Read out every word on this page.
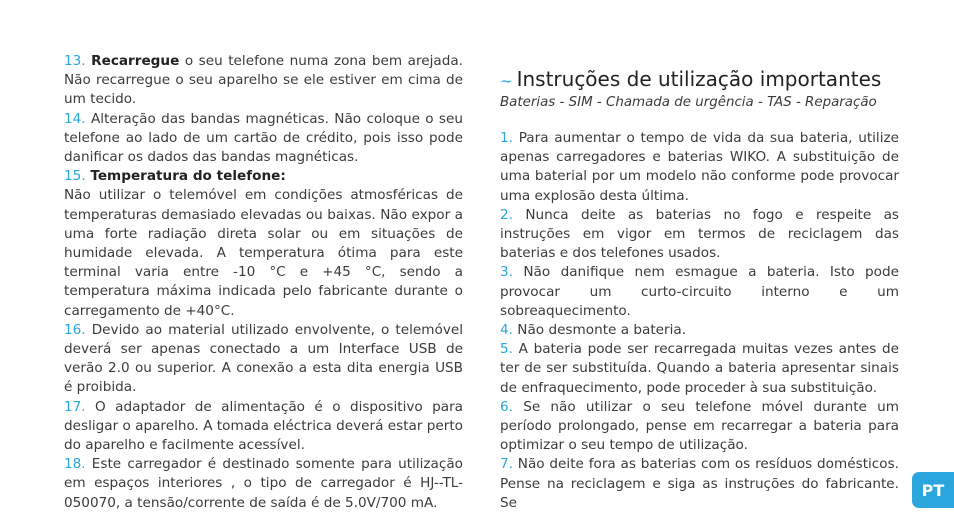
13. Recarregue o seu telefone numa zona bem arejada. Não recarregue o seu aparelho se ele estiver em cima de um tecido.

14. Alteração das bandas magnéticas. Não coloque o seu telefone ao lado de um cartão de crédito, pois isso pode danificar os dados das bandas magnéticas.

15. Temperatura do telefone:

Não utilizar o telemóvel em condições atmosféricas de temperaturas demasiado elevadas ou baixas. Não expor a uma forte radiação direta solar ou em situações de humidade elevada. A temperatura ótima para este terminal varia entre -10 °C e +45 °C, sendo a temperatura máxima indicada pelo fabricante durante o carregamento de +40°C.

16. Devido ao material utilizado envolvente, o telemóvel deverá ser apenas conectado a um Interface USB de verão 2.0 ou superior. A conexão a esta dita energia USB é proibida.

17. O adaptador de alimentação é o dispositivo para desligar o aparelho. A tomada eléctrica deverá estar perto do aparelho e facilmente acessível.

18. Este carregador é destinado somente para utilização em espaços interiores , o tipo de carregador é HJ--TL-050070, a tensão/corrente de saída é de 5.0V/700 mA.

~ Instruções de utilização importantes
Baterias - SIM - Chamada de urgência - TAS - Reparação

1. Para aumentar o tempo de vida da sua bateria, utilize apenas carregadores e baterias WIKO. A substituição de uma baterial por um modelo não conforme pode provocar uma explosão desta última.

2. Nunca deite as baterias no fogo e respeite as instruções em vigor em termos de reciclagem das baterias e dos telefones usados.

3. Não danifique nem esmague a bateria. Isto pode provocar um curto-circuito interno e um sobreaquecimento.

4. Não desmonte a bateria.

5. A bateria pode ser recarregada muitas vezes antes de ter de ser substituída. Quando a bateria apresentar sinais de enfraquecimento, pode proceder à sua substituição.

6. Se não utilizar o seu telefone móvel durante um período prolongado, pense em recarregar a bateria para optimizar o seu tempo de utilização.

7. Não deite fora as baterias com os resíduos domésticos. Pense na reciclagem e siga as instruções do fabricante. Se

PT
